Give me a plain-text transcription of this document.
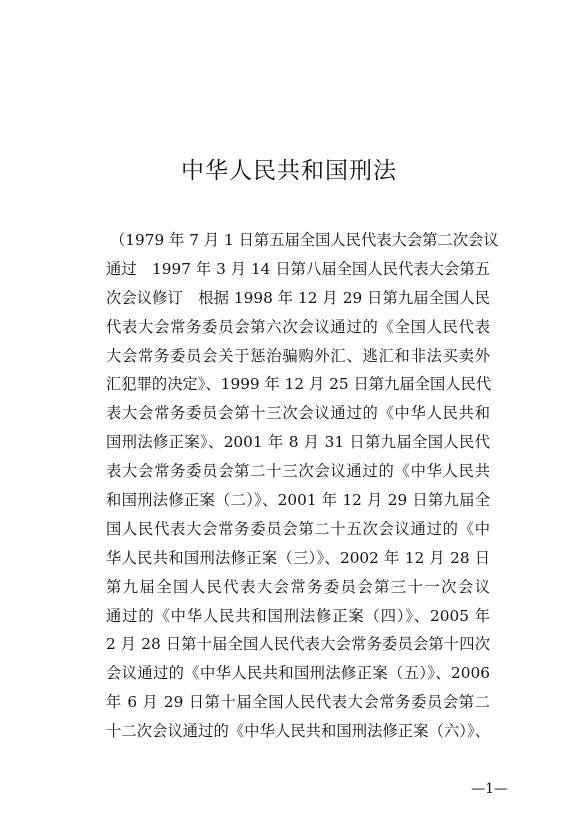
中华人民共和国刑法
（1979 年 7 月 1 日第五届全国人民代表大会第二次会议
通过　1997 年 3 月 14 日第八届全国人民代表大会第五
次会议修订　根据 1998 年 12 月 29 日第九届全国人民
代表大会常务委员会第六次会议通过的《全国人民代表
大会常务委员会关于惩治骗购外汇、逃汇和非法买卖外
汇犯罪的决定》、1999 年 12 月 25 日第九届全国人民代
表大会常务委员会第十三次会议通过的《中华人民共和
国刑法修正案》、2001 年 8 月 31 日第九届全国人民代
表大会常务委员会第二十三次会议通过的《中华人民共
和国刑法修正案（二）》、2001 年 12 月 29 日第九届全
国人民代表大会常务委员会第二十五次会议通过的《中
华人民共和国刑法修正案（三）》、2002 年 12 月 28 日
第九届全国人民代表大会常务委员会第三十一次会议
通过的《中华人民共和国刑法修正案（四）》、2005 年
2 月 28 日第十届全国人民代表大会常务委员会第十四次
会议通过的《中华人民共和国刑法修正案（五）》、2006
年 6 月 29 日第十届全国人民代表大会常务委员会第二
十二次会议通过的《中华人民共和国刑法修正案（六）》、
—1—
